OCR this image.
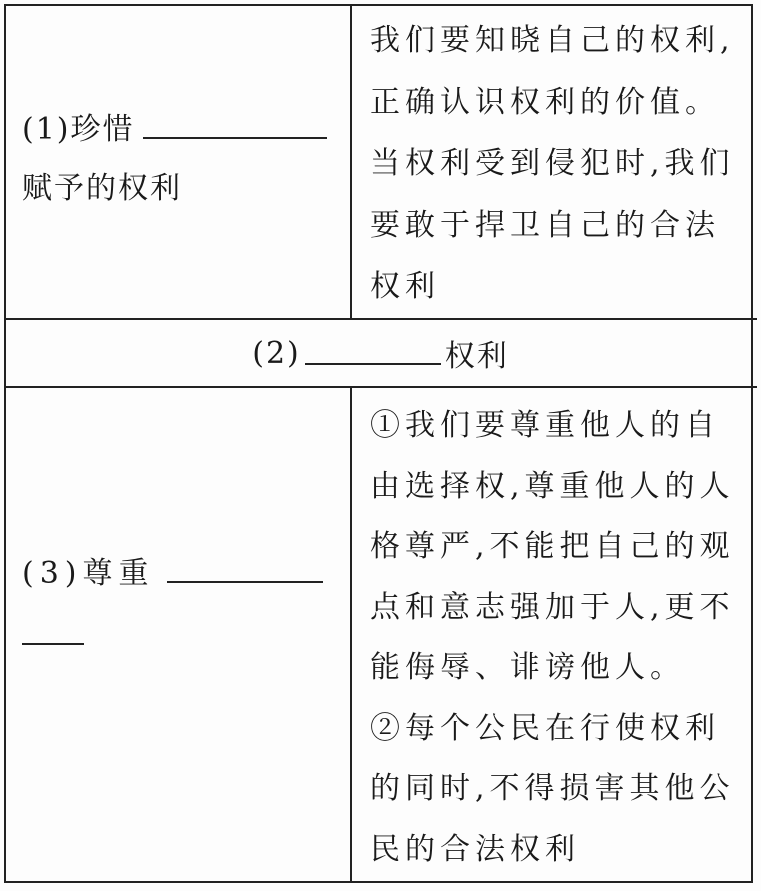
(1)珍惜
赋予的权利
我们要知晓自己的权利,
正确认识权利的价值。
当权利受到侵犯时,我们
要敢于捍卫自己的合法
权利
(2)	权利
(3)尊重
①我们要尊重他人的自
由选择权,尊重他人的人
格尊严,不能把自己的观
点和意志强加于人,更不
能侮辱、诽谤他人。
②每个公民在行使权利
的同时,不得损害其他公
民的合法权利
